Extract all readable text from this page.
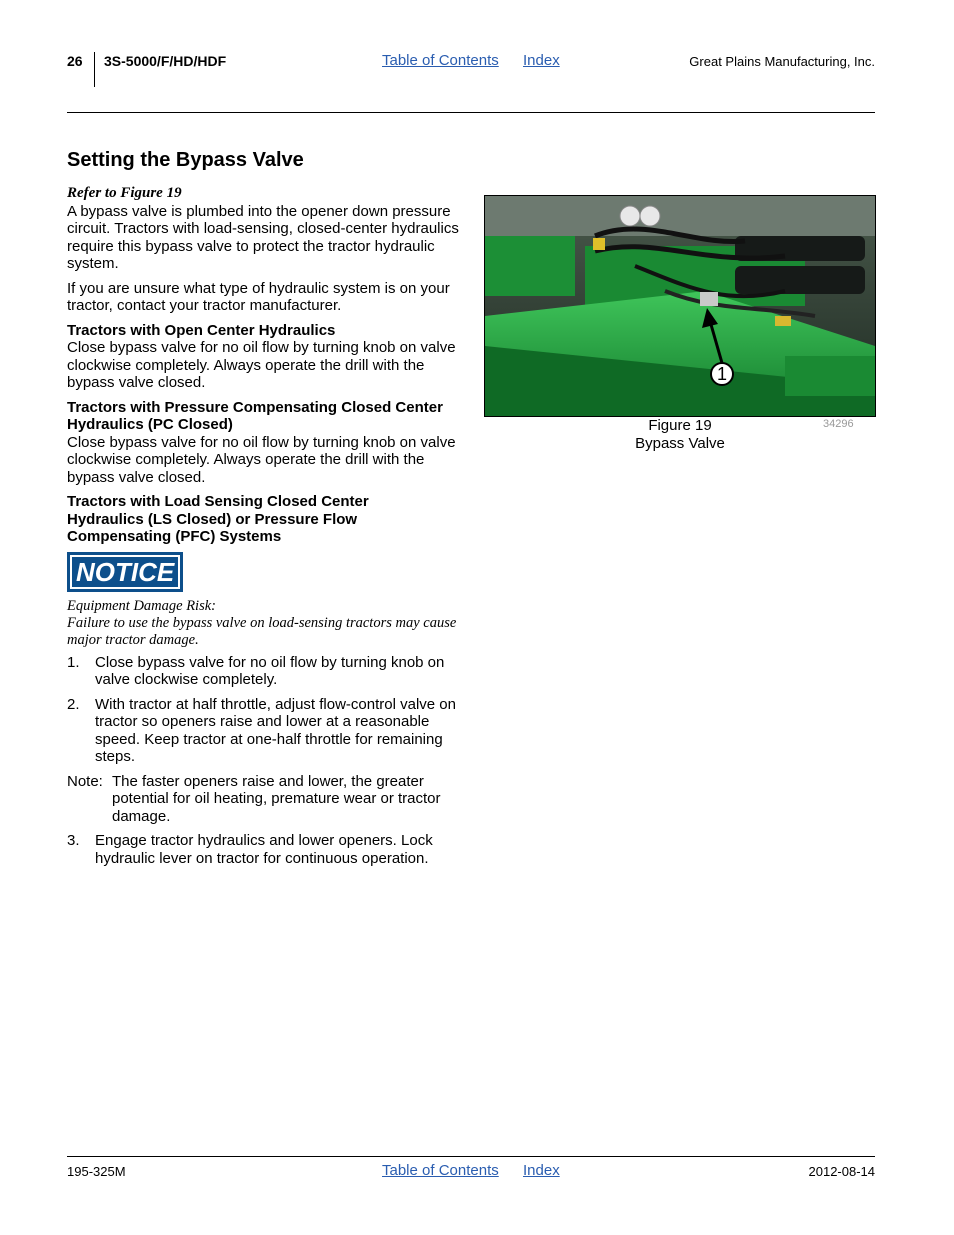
26 3S-5000/F/HD/HDF	Table of Contents Index	Great Plains Manufacturing, Inc.
Setting the Bypass Valve

Refer to Figure 19

A bypass valve is plumbed into the opener down pressure circuit. Tractors with load-sensing, closed-center hydraulics require this bypass valve to protect the tractor hydraulic system.

If you are unsure what type of hydraulic system is on your tractor, contact your tractor manufacturer.

Tractors with Open Center Hydraulics

Close bypass valve for no oil flow by turning knob on valve clockwise completely. Always operate the drill with the bypass valve closed.

Tractors with Pressure Compensating Closed Center Hydraulics (PC Closed)

Close bypass valve for no oil flow by turning knob on valve clockwise completely. Always operate the drill with the bypass valve closed.

Tractors with Load Sensing Closed Center Hydraulics (LS Closed) or Pressure Flow Compensating (PFC) Systems

NOTICE

Equipment Damage Risk:

Failure to use the bypass valve on load-sensing tractors may cause major tractor damage.

1. Close bypass valve for no oil flow by turning knob on valve clockwise completely.
2. With tractor at half throttle, adjust flow-control valve on tractor so openers raise and lower at a reasonable speed. Keep tractor at one-half throttle for remaining steps.
Note: The faster openers raise and lower, the greater potential for oil heating, premature wear or tractor damage.
3. Engage tractor hydraulics and lower openers. Lock hydraulic lever on tractor for continuous operation.
1
34296
Figure 19
Bypass Valve
195-325M	Table of Contents Index	2012-08-14
